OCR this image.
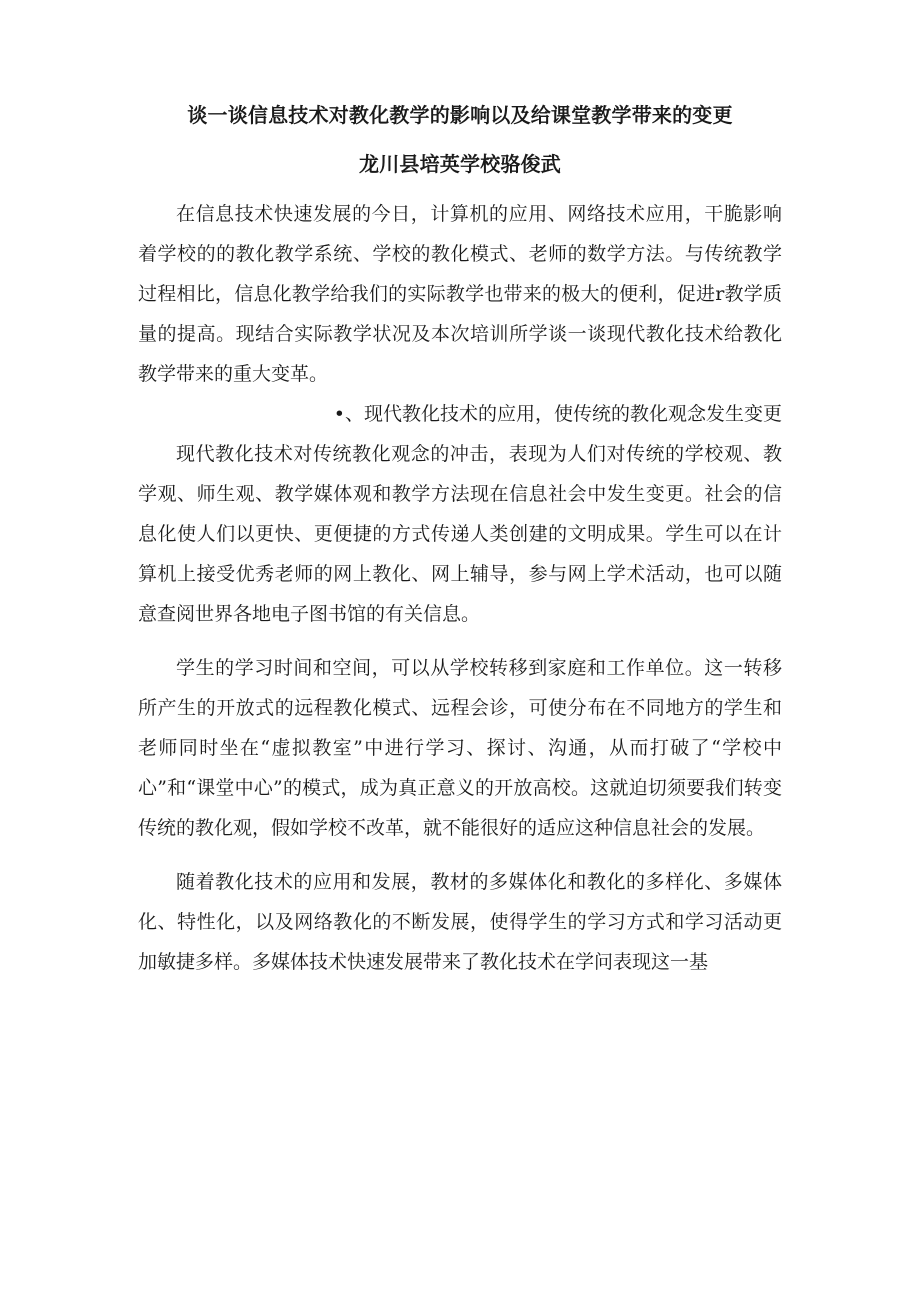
谈一谈信息技术对教化教学的影响以及给课堂教学带来的变更
龙川县培英学校骆俊武

在信息技术快速发展的今日，计算机的应用、网络技术应用，干脆影响着学校的的教化教学系统、学校的教化模式、老师的数学方法。与传统教学过程相比，信息化教学给我们的实际教学也带来的极大的便利，促进r教学质量的提高。现结合实际教学状况及本次培训所学谈一谈现代教化技术给教化教学带来的重大变革。

•、现代教化技术的应用，使传统的教化观念发生变更

现代教化技术对传统教化观念的冲击，表现为人们对传统的学校观、教学观、师生观、教学媒体观和教学方法现在信息社会中发生变更。社会的信息化使人们以更快、更便捷的方式传递人类创建的文明成果。学生可以在计算机上接受优秀老师的网上教化、网上辅导，参与网上学术活动，也可以随意查阅世界各地电子图书馆的有关信息。

学生的学习时间和空间，可以从学校转移到家庭和工作单位。这一转移所产生的开放式的远程教化模式、远程会诊，可使分布在不同地方的学生和老师同时坐在“虚拟教室”中进行学习、探讨、沟通，从而打破了“学校中心”和“课堂中心”的模式，成为真正意义的开放高校。这就迫切须要我们转变传统的教化观，假如学校不改革，就不能很好的适应这种信息社会的发展。

随着教化技术的应用和发展，教材的多媒体化和教化的多样化、多媒体化、特性化，以及网络教化的不断发展，使得学生的学习方式和学习活动更加敏捷多样。多媒体技术快速发展带来了教化技术在学问表现这一基
